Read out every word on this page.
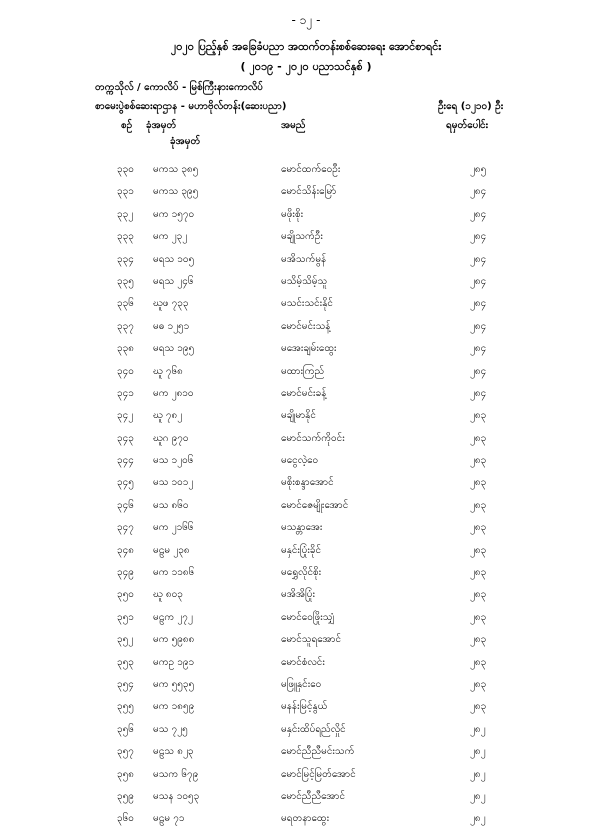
- ၁၂ -
၂၀၂၀ ပြည့်နှစ် အခြေခံပညာ အထက်တန်းစစ်ဆေးရေး အောင်စာရင်း
( ၂၀၁၉ - ၂၀၂၀ ပညာသင်နှစ် )
တက္ကသိုလ် / ကောလိပ် - မြစ်ကြီးနားကောလိပ်
စာမေးပွဲစစ်ဆေးရာဌာန - မဟာဗိုလ်တန်း(ဆေးပညာ)	ဦးရေ (၁၂၁၀) ဦး
စဉ် ခုံအမှတ်	အမည်	ရမှတ်ပေါင်း
ခုံအမှတ်
၃၃၀ မကသ ၃၈၅	မောင်ထက်ဝေဦး	၂၈၅
၃၃၁ မကသ ၃၉၅	မောင်သိန်းမြော်	၂၈၄
၃၃၂ မက ၁၅၇၀	မဖိုးစိုး	၂၈၄
၃၃၃ မက ၂၃၂	မချိုသက်ဦး	၂၈၄
၃၃၄ မရသ ၁၀၅	မအိသက်မွန်	၂၈၄
၃၃၅ မရသ ၂၄၆	မသိမ့်သိမ့်သူ	၂၈၄
၃၃၆ ဃူဖ ၇၃၃	မသင်းသင်းနိုင်	၂၈၄
၃၃၇ မဓ ၁၂၅၁	မောင်မင်းသန့်	၂၈၄
၃၃၈ မရသ ၁၉၅	မအေးချမ်းထွေး	၂၈၄
၃၄၀ ဃူ ၇၆၈	မထားကြည်	၂၈၄
၃၄၁ မက ၂၈၁၀	မောင်မင်းခန့်	၂၈၄
၃၄၂ ဃူ ၇၈၂	မချိုမာနိုင်	၂၈၃
၃၄၃ ဃူဂ ၉၇၀	မောင်သက်ကိုဝင်း	၂၈၃
၃၄၄ မသ ၁၂၀၆	မငွေလဲ့ဝေ	၂၈၃
၃၄၅ မသ ၁၀၁၂	မစိုးစန္ဒာအောင်	၂၈၃
၃၄၆ မသ ၈၆၀	မောင်ဇေမျိုးအောင်	၂၈၃
၃၄၇ မက ၂၁၆၆	မသန္တာအေး	၂၈၃
၃၄၈ မဠမ ၂၃၈	မနှင်းပြုံးခိုင်	၂၈၃
၃၄၉ မက ၁၁၈၆	မရွှေလိုင်စိုး	၂၈၃
၃၅၀ ဃူ ၈၀၃	မအိအိပြုံး	၂၈၃
၃၅၁ မဠက ၂၇၂	မောင်ဝေဖြိုးသျှံ	၂၈၃
၃၅၂ မက ၅၉၈၈	မောင်သူရအောင်	၂၈၃
၃၅၃ မကဥ ၁၉၁	မောင်စံလင်း	၂၈၃
၃၅၄ မက ၅၅၃၅	မဖြူနှင်းဝေ	၂၈၃
၃၅၅ မက ၁၈၅၉	မနန်းမြင့်နွယ်	၂၈၃
၃၅၆ မသ ၇၂၅	မနှင်းထိပ်ရည်လှိုင်	၂၈၂
၃၅၇ မဠသ ၈၂၃	မောင်ညီညီမင်းသက်	၂၈၂
၃၅၈ မသက ၆၇၉	မောင်မြင့်မြတ်အောင်	၂၈၂
၃၅၉ မသန ၁၀၅၃	မောင်ညီညီအောင်	၂၈၂
၃၆၀ မဠမ ၇၁	မရတနာထွေး	၂၈၂
